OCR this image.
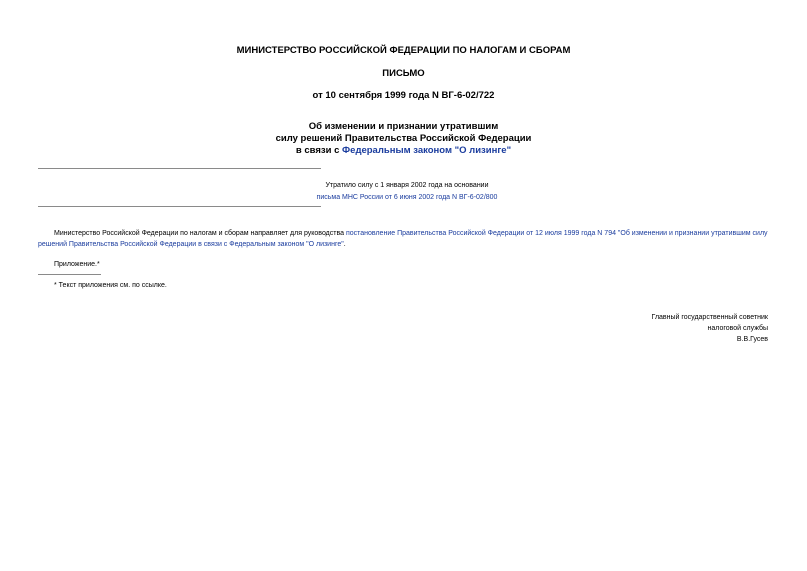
МИНИСТЕРСТВО РОССИЙСКОЙ ФЕДЕРАЦИИ ПО НАЛОГАМ И СБОРАМ
ПИСЬМО
от 10 сентября 1999 года N ВГ-6-02/722
Об изменении и признании утратившим
силу решений Правительства Российской Федерации
в связи с Федеральным законом "О лизинге"
Утратило силу с 1 января 2002 года на основании
письма МНС России от 6 июня 2002 года N ВГ-6-02/800
Министерство Российской Федерации по налогам и сборам направляет для руководства постановление Правительства Российской Федерации от 12 июля 1999 года N 794 "Об изменении и признании утратившим силу решений Правительства Российской Федерации в связи с Федеральным законом "О лизинге".
Приложение.*
* Текст приложения см. по ссылке.
Главный государственный советник
налоговой службы
В.В.Гусев
